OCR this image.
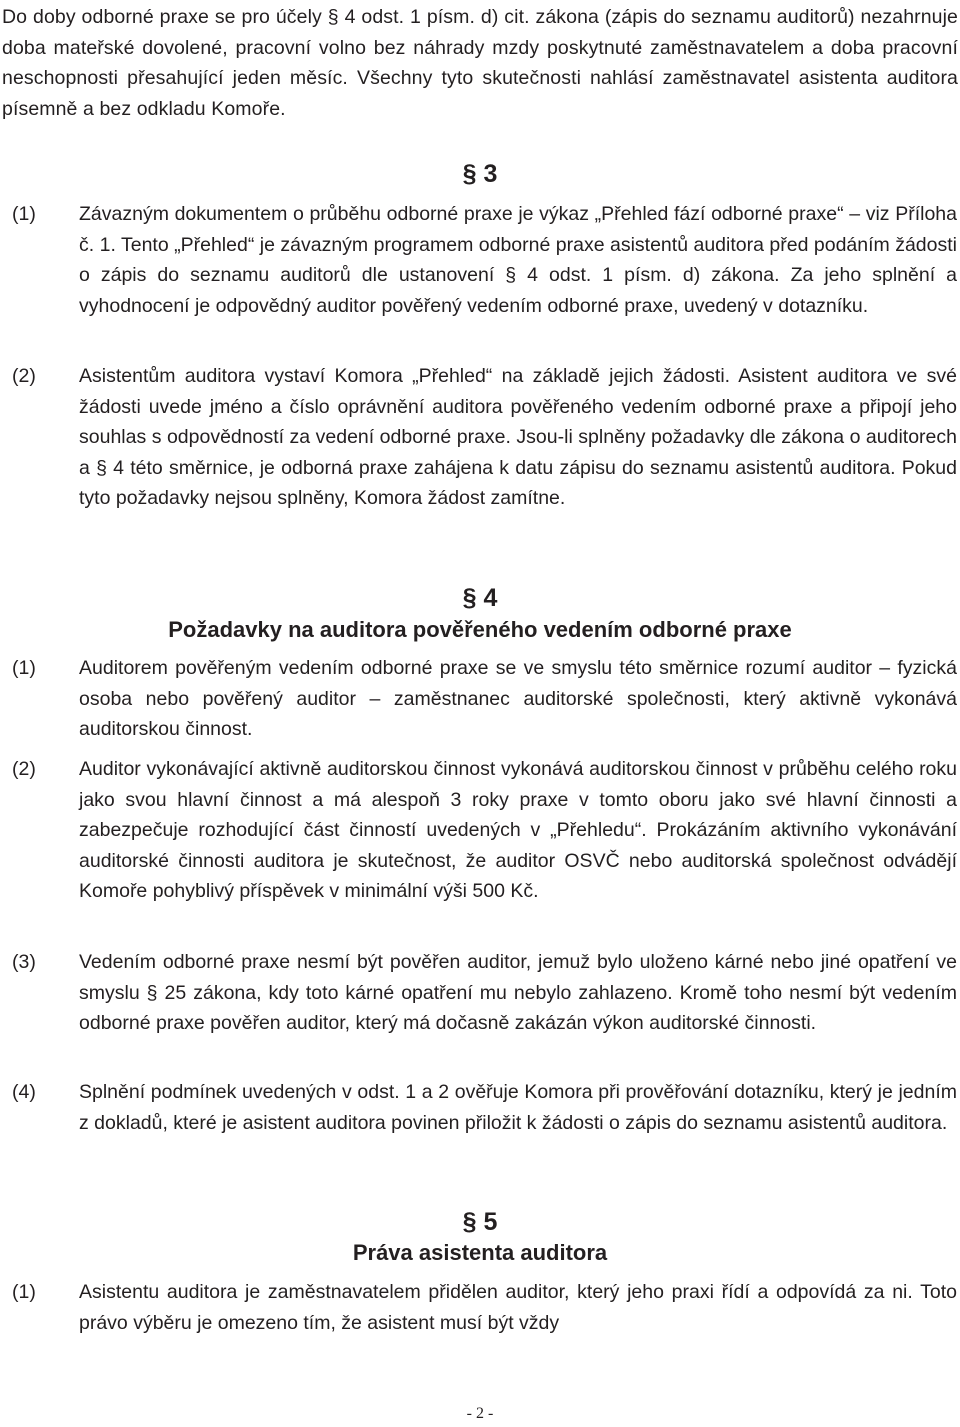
Do doby odborné praxe se pro účely § 4 odst. 1 písm. d) cit. zákona (zápis do seznamu auditorů) nezahrnuje doba mateřské dovolené, pracovní volno bez náhrady mzdy poskytnuté zaměstnavatelem a doba pracovní neschopnosti přesahující jeden měsíc. Všechny tyto skutečnosti nahlásí zaměstnavatel asistenta auditora písemně a bez odkladu Komoře.
§ 3
(1) Závazným dokumentem o průběhu odborné praxe je výkaz „Přehled fází odborné praxe“ – viz Příloha č. 1. Tento „Přehled“ je závazným programem odborné praxe asistentů auditora před podáním žádosti o zápis do seznamu auditorů dle ustanovení § 4 odst. 1 písm. d) zákona. Za jeho splnění a vyhodnocení je odpovědný auditor pověřený vedením odborné praxe, uvedený v dotazníku.
(2) Asistentům auditora vystaví Komora „Přehled“ na základě jejich žádosti. Asistent auditora ve své žádosti uvede jméno a číslo oprávnění auditora pověřeného vedením odborné praxe a připojí jeho souhlas s odpovědností za vedení odborné praxe. Jsou-li splněny požadavky dle zákona o auditorech a § 4 této směrnice, je odborná praxe zahájena k datu zápisu do seznamu asistentů auditora. Pokud tyto požadavky nejsou splněny, Komora žádost zamítne.
§ 4
Požadavky na auditora pověřeného vedením odborné praxe
(1) Auditorem pověřeným vedením odborné praxe se ve smyslu této směrnice rozumí auditor – fyzická osoba nebo pověřený auditor – zaměstnanec auditorské společnosti, který aktivně vykonává auditorskou činnost.
(2) Auditor vykonávající aktivně auditorskou činnost vykonává auditorskou činnost v průběhu celého roku jako svou hlavní činnost a má alespoň 3 roky praxe v tomto oboru jako své hlavní činnosti a zabezpečuje rozhodující část činností uvedených v „Přehledu“. Prokázáním aktivního vykonávání auditorské činnosti auditora je skutečnost, že auditor OSVČ nebo auditorská společnost odvádějí Komoře pohyblivý příspěvek v minimální výši 500 Kč.
(3) Vedením odborné praxe nesmí být pověřen auditor, jemuž bylo uloženo kárné nebo jiné opatření ve smyslu § 25 zákona, kdy toto kárné opatření mu nebylo zahlazeno. Kromě toho nesmí být vedením odborné praxe pověřen auditor, který má dočasně zakázán výkon auditorské činnosti.
(4) Splnění podmínek uvedených v odst. 1 a 2 ověřuje Komora při prověřování dotazníku, který je jedním z dokladů, které je asistent auditora povinen přiložit k žádosti o zápis do seznamu asistentů auditora.
§ 5
Práva asistenta auditora
(1) Asistentu auditora je zaměstnavatelem přidělen auditor, který jeho praxi řídí a odpovídá za ni. Toto právo výběru je omezeno tím, že asistent musí být vždy
- 2 -
